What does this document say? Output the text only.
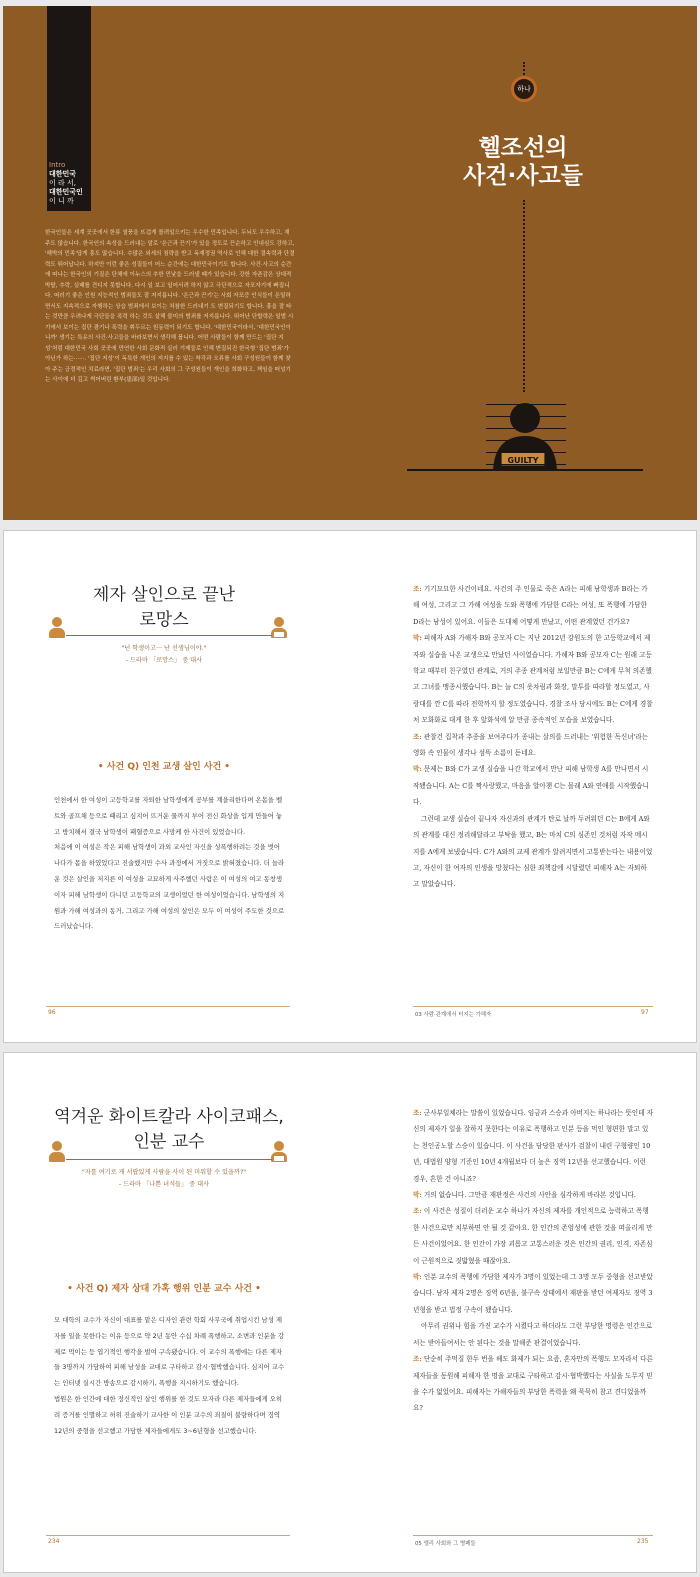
Intro
대한민국
이 라 서,
대한민국인
이 니 까
한국인들은 세계 곳곳에서 한류 열풍을 뜨겁게 몰려일으키는 우수한 민족입니다. 두뇌도 우수하고, 재주도 많습니다. 한국인의 속성을 드러내는 말로 '은근과 끈기'가 있을 정도로 끈순하고 인내심도 강하고, '해박의 민족'답게 흥도 많습니다. 수많은 외세의 침략을 받고 독재정권 역사로 인해 대한 결속력과 단결력도 뛰어납니다. 하지만 이런 좋은 성질들이 어느 순간에는 대한민국이기도 합니다. 사건·사고의 순간에 떠나는 한국인의 기질은 단체에 이누스의 추한 민낯을 드러낼 때가 있습니다. 강한 자존감은 상대적 박탈, 추락, 실패를 견디지 못합니다. 다시 일 보고 일어서려 하지 않고 극단적으로 자포자기에 빠집니다. 떠러기 좋은 인원 지능적인 범죄들도 잘 저지릅니다. '은근과 끈기'는 사회 자포증 인식들이 은밀하면서도 지속적으로 자행하는 상습 범죄에서 보이는 처참한 드러내기 도 변질되기도 합니다. 흥을 잘 타는 것만큼 우려나게 극단들을 폭력 하는 것도 살해 불미의 범죄를 저지릅니다. 뛰어난 단합력은 일벌 시기에서 보이는 집단 광기나 폭력을 휘두르는 원동력이 되기도 합니다. '대한민국이라서, '대한민국인이니까' 생기는 특유의 사건·사고들을 바라보면서 생각해 봅니다. 어떤 사람들이 함께 만드는 '집단 지성'처럼 대한민국 사회 곳곳에 만연한 사회 문화적 실러 기제들로 인해 변질되진 한국형 '집단 범죄'가 아닌가 하는······. '집단 지성'이 독특한 개인의 저지를 수 있는 착각과 오류를 사회 구성원들이 함께 찾아 주는 긍정적인 치료라면, '집단 범죄'는 우리 사회의 그 구성원들이 개인을 희화하고, 책임을 떠넘기는 사이에 더 깊고 썩어버린 환부(患部)일 것입니다.
하나
헬조선의
사건·사고들
GUILTY
제자 살인으로 끝난
로망스
"넌 학생이고··· 난 선생님이야."
- 드라마 「로망스」 중 대사
• 사건 Q) 인천 교생 살인 사건 •
인천에서 한 여성이 고등학교를 자퇴한 남학생에게 공부를 계을리한다며 온몸을 벨트와 골프채 등으로 때리고 심지어 뜨거운 물까지 부어 전신 화상을 입게 만들어 놓고 방치해서 결국 남학생이 패혈증으로 사망케 한 사건이 있었습니다.
처음에 이 여성은 작은 피해 남학생이 과외 교사인 자신을 성폭행하려는 것을 벗어나다가 몸을 하였었다고 진술했지만 수사 과정에서 거짓으로 밝혀졌습니다. 더 놀라운 것은 살인을 저지른 이 여성을 교묘하게 사주했던 사람은 이 여성의 여고 동창생이자 피해 남학생이 다니던 고등학교의 교생이었던 한 여성이었습니다. 남학생의 지원과 가해 여성과의 동거, 그리고 가해 여성의 살인은 모두 이 여성이 주도한 것으로 드러났습니다.
96

조: 기기묘묘한 사건이네요. 사건의 주 인물로 죽은 A라는 피해 남학생과 B라는 가해 여성, 그리고 그 가해 여성을 도와 폭행에 가담한 C라는 여성, 또 폭행에 가담한 D라는 남성이 있어요. 이들은 도대체 어떻게 만났고, 어떤 관계였던 건가요?

박: 피해자 A와 가해자 B와 공모자 C는 지난 2012년 강원도의 한 고등학교에서 제자와 실습을 나온 교생으로 만났던 사이였습니다. 가해자 B와 공모자 C는 원래 고등학교 때부터 친구였던 관계로, 거의 주종 관계처럼 보일만큼 B는 C에게 무척 의존했고 그녀를 맹종시했습니다. B는 늘 C의 옷차림과 화장, 말투를 따라할 정도였고, 사랑대를 깐 C를 따라 전학까지 할 정도였습니다. 경찰 조사 당시에도 B는 C에게 경찰처 모화화로 대게 한 후 앞화석에 알 만큼 종속적인 모습을 보였습니다.

조: 관찰건 집착과 추종을 보여주다가 종내는 살의를 드러내는 '위험한 독신녀'라는 영화 속 인물이 생각나 섬뜩 소름이 돋네요.

박: 문제는 B와 C가 교생 실습을 나간 학교에서 만난 피해 남학생 A를 만나면서 시작됐습니다. A는 C를 짝사랑했고, 마음을 알아챈 C는 몰래 A와 연애를 시작했습니다.

그런데 교생 실습이 끝나자 자신과의 관계가 탄로 날까 두려워던 C는 B에게 A와의 관계를 대신 정리해달라고 부탁을 했고, B는 마치 C의 심존인 것처럼 자작 메시지를 A에게 보냈습니다. C가 A와의 교제 관계가 알려지면서 고통받는다는 내용이었고, 자신이 한 여자의 인생을 망쳤다는 심한 죄책감에 시달렸던 피해자 A는 자퇴하고 말았습니다.

03 사람·관계에서 터지는 가해자	97
역겨운 화이트칼라 사이코패스,
인분 교수
"자를 여기로 게 서랍있게 사람을 사이 된 미워할 수 있을까?"
- 드라마 「나쁜 녀석들」 중 대사
• 사건 Q) 제자 상대 가혹 행위 인분 교수 사건 •
모 대학의 교수가 자신이 대표를 맡은 디자인 관련 학회 사무국에 취업시킨 남성 제자를 일을 못한다는 이유 등으로 약 2년 동안 수십 차례 폭행하고, 소변과 인분을 강제로 먹이는 등 엽기적인 행각을 벌여 구속됐습니다. 이 교수의 폭행에는 다른 제자들 3명까지 가담하여 피해 남성을 교대로 구타하고 감시·협박했습니다. 심지어 교수는 인터넷 실시간 방송으로 감시하기, 폭행을 지시하기도 했습니다.
법원은 한 인간에 대한 정신적인 살인 행위를 한 것도 모자라 다른 제자들에게 오히려 증거를 인멸하고 허위 진술하기 교사한 이 인분 교수의 죄질이 불량하다며 징역 12년의 중형을 선고했고 가담한 제자들에게도 3~6년형을 선고했습니다.
234

조: 군사부일체라는 말씀이 있었습니다. 임금과 스승과 아버지는 하나라는 뜻인데 자신의 제자가 일을 잘하지 못한다는 이유로 폭행하고 인분 등을 먹인 형편한 말고 있는 천인공노할 스승이 있습니다. 이 사건을 담당한 판사가 검찰이 내린 구형량인 10년, 대법원 양형 기준인 10년 4개월보다 더 높은 징역 12년을 선고했습니다. 이런 경우, 흔한 건 아니죠?

박: 거의 없습니다. 그만큼 재판정은 사건의 사안을 심각하게 바라본 것입니다.

조: 이 사건은 성질이 더러운 교수 하나가 자신의 제자를 개인적으로 능력하고 폭행한 사건으로만 치부하면 안 될 것 같아요. 한 인간의 존엄성에 관한 것을 떠올리게 만든 사건이었어요. 한 인간이 가장 괴롭고 고통스러운 것은 인간의 권리, 인격, 자존심이 근원적으로 짓밟혔을 때잖아요.

박: 인분 교수의 폭행에 가담한 제자가 3명이 있었는데 그 3명 모두 중형을 선고받았습니다. 남자 제자 2명은 징역 6년을, 불구속 상태에서 재판을 받던 여제자도 징역 3년형을 받고 법정 구속이 됐습니다.

아무리 권위나 힘을 가진 교수가 시켰다고 하더라도 그런 부당한 명령은 인간으로서는 받아들여서는 안 된다는 것을 말해준 판결이었습니다.

조: 단순히 주먹질 한두 번을 헤도 화제가 되는 요즘, 혼자만의 폭행도 모자라서 다른 제자들을 동원해 피해자 한 명을 교대로 구타하고 감시·협박했다는 사실을 도무지 믿을 수가 없었어요. 피해자는 가해자들의 부당한 폭력을 왜 묵묵히 참고 견디었을까요?

05 엘리 사회와 그 병폐들	235
